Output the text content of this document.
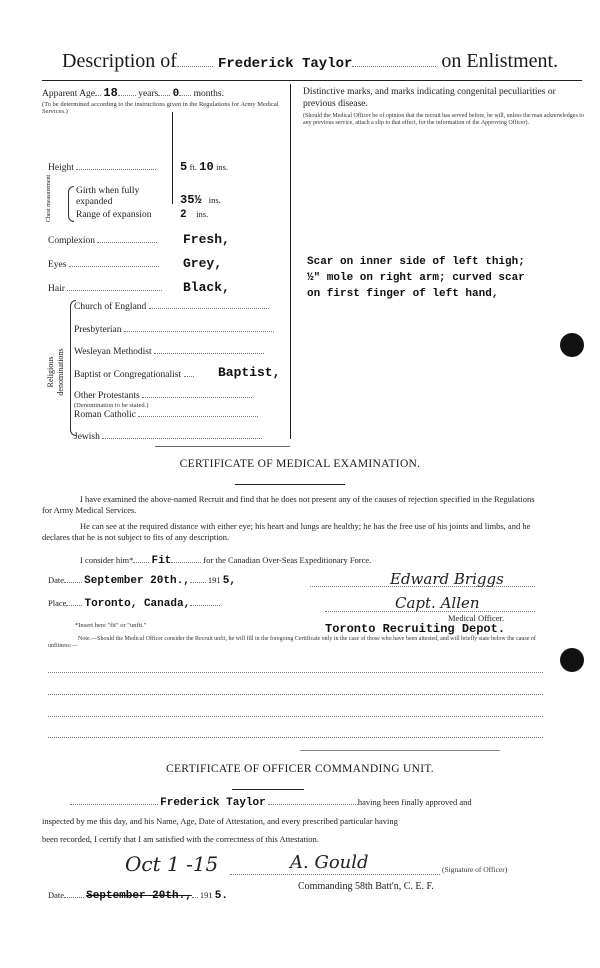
Description of	Frederick Taylor	on Enlistment.
Apparent Age 18 years 0 months.
(To be determined according to the instructions given in the Regulations for Army Medical Services.)
Height	5 ft. 10 ins.
Chest measurement	Girth when fully expanded	35½ ins.
Range of expansion	2 ins.
Complexion	Fresh,
Eyes	Grey,
Hair	Black,
Religious denominations
Church of England
Presbyterian
Wesleyan Methodist
Baptist or Congregationalist	Baptist,
Other Protestants
(Denomination to be stated.)
Roman Catholic
Jewish
Distinctive marks, and marks indicating congenital peculiarities or previous disease.
(Should the Medical Officer be of opinion that the recruit has served before, he will, unless the man acknowledges to any previous service, attach a slip to that effect, for the information of the Approving Officer).
Scar on inner side of left thigh;
½" mole on right arm; curved scar
on first finger of left hand,
CERTIFICATE OF MEDICAL EXAMINATION.
I have examined the above-named Recruit and find that he does not present any of the causes of rejection specified in the Regulations for Army Medical Services.
He can see at the required distance with either eye; his heart and lungs are healthy; he has the free use of his joints and limbs, and he declares that he is not subject to fits of any description.
I consider him* Fit	for the Canadian Over-Seas Expeditionary Force.
Date September 20th., 191 5,	Edward Briggs
Place Toronto, Canada,	Capt. Allen
Medical Officer.
*Insert here "fit" or "unfit."	Toronto Recruiting Depot.
Note.—Should the Medical Officer consider the Recruit unfit, he will fill in the foregoing Certificate only in the case of those who have been attested, and will briefly state below the cause of unfitness:—
CERTIFICATE OF OFFICER COMMANDING UNIT.
Frederick Taylor	having been finally approved and
inspected by me this day, and his Name, Age, Date of Attestation, and every prescribed particular having
been recorded, I certify that I am satisfied with the correctness of this Attestation.
Oct 1 -15	A. Gould	(Signature of Officer)
Commanding 58th Batt'n, C. E. F.
Date September 20th., 191 5.
